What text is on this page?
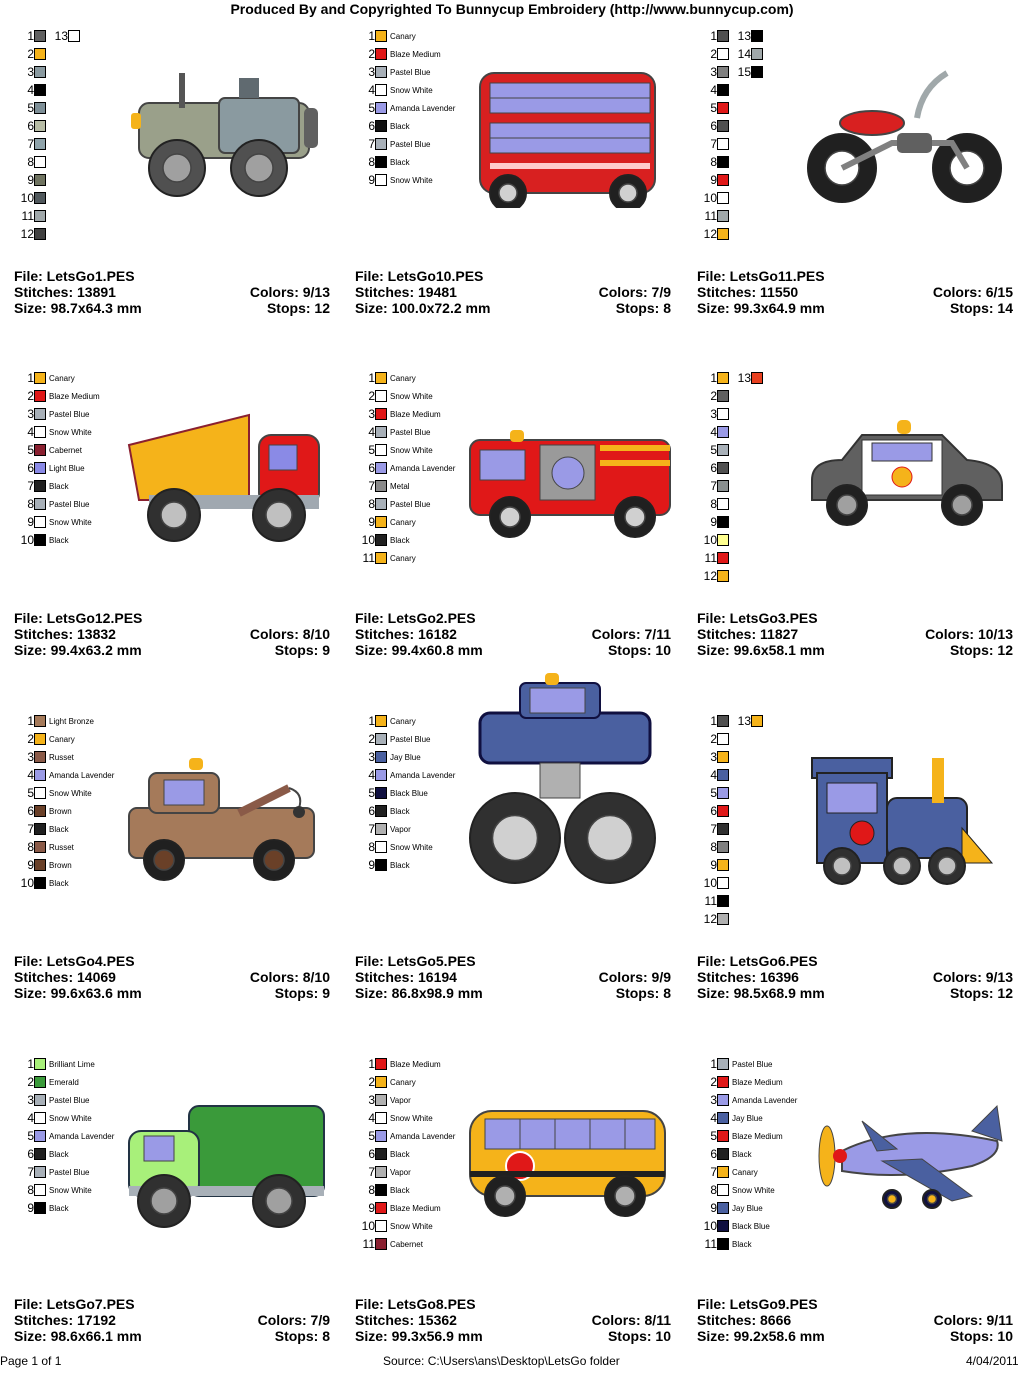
Produced By and Copyrighted To Bunnycup Embroidery (http://www.bunnycup.com)
1
2
3
4
5
6
7
8
9
10
11
12
13
File: LetsGo1.PES
Stitches: 13891	Colors: 9/13
Size: 98.7x64.3 mm	Stops: 12
1 Canary
2 Blaze Medium
3 Pastel Blue
4 Snow White
5 Amanda Lavender
6 Black
7 Pastel Blue
8 Black
9 Snow White
File: LetsGo10.PES
Stitches: 19481	Colors: 7/9
Size: 100.0x72.2 mm	Stops: 8
1
2
3
4
5
6
7
8
9
10
11
12
13
14
15
File: LetsGo11.PES
Stitches: 11550	Colors: 6/15
Size: 99.3x64.9 mm	Stops: 14
1 Canary
2 Blaze Medium
3 Pastel Blue
4 Snow White
5 Cabernet
6 Light Blue
7 Black
8 Pastel Blue
9 Snow White
10 Black
File: LetsGo12.PES
Stitches: 13832	Colors: 8/10
Size: 99.4x63.2 mm	Stops: 9
1 Canary
2 Snow White
3 Blaze Medium
4 Pastel Blue
5 Snow White
6 Amanda Lavender
7 Metal
8 Pastel Blue
9 Canary
10 Black
11 Canary
File: LetsGo2.PES
Stitches: 16182	Colors: 7/11
Size: 99.4x60.8 mm	Stops: 10
1
2
3
4
5
6
7
8
9
10
11
12
13
File: LetsGo3.PES
Stitches: 11827	Colors: 10/13
Size: 99.6x58.1 mm	Stops: 12
1 Light Bronze
2 Canary
3 Russet
4 Amanda Lavender
5 Snow White
6 Brown
7 Black
8 Russet
9 Brown
10 Black
File: LetsGo4.PES
Stitches: 14069	Colors: 8/10
Size: 99.6x63.6 mm	Stops: 9
1 Canary
2 Pastel Blue
3 Jay Blue
4 Amanda Lavender
5 Black Blue
6 Black
7 Vapor
8 Snow White
9 Black
File: LetsGo5.PES
Stitches: 16194	Colors: 9/9
Size: 86.8x98.9 mm	Stops: 8
1
2
3
4
5
6
7
8
9
10
11
12
13
File: LetsGo6.PES
Stitches: 16396	Colors: 9/13
Size: 98.5x68.9 mm	Stops: 12
1 Brilliant Lime
2 Emerald
3 Pastel Blue
4 Snow White
5 Amanda Lavender
6 Black
7 Pastel Blue
8 Snow White
9 Black
File: LetsGo7.PES
Stitches: 17192	Colors: 7/9
Size: 98.6x66.1 mm	Stops: 8
1 Blaze Medium
2 Canary
3 Vapor
4 Snow White
5 Amanda Lavender
6 Black
7 Vapor
8 Black
9 Blaze Medium
10 Snow White
11 Cabernet
File: LetsGo8.PES
Stitches: 15362	Colors: 8/11
Size: 99.3x56.9 mm	Stops: 10
1 Pastel Blue
2 Blaze Medium
3 Amanda Lavender
4 Jay Blue
5 Blaze Medium
6 Black
7 Canary
8 Snow White
9 Jay Blue
10 Black Blue
11 Black
File: LetsGo9.PES
Stitches: 8666	Colors: 9/11
Size: 99.2x58.6 mm	Stops: 10
Page 1 of 1	Source: C:\Users\ans\Desktop\LetsGo folder	4/04/2011
